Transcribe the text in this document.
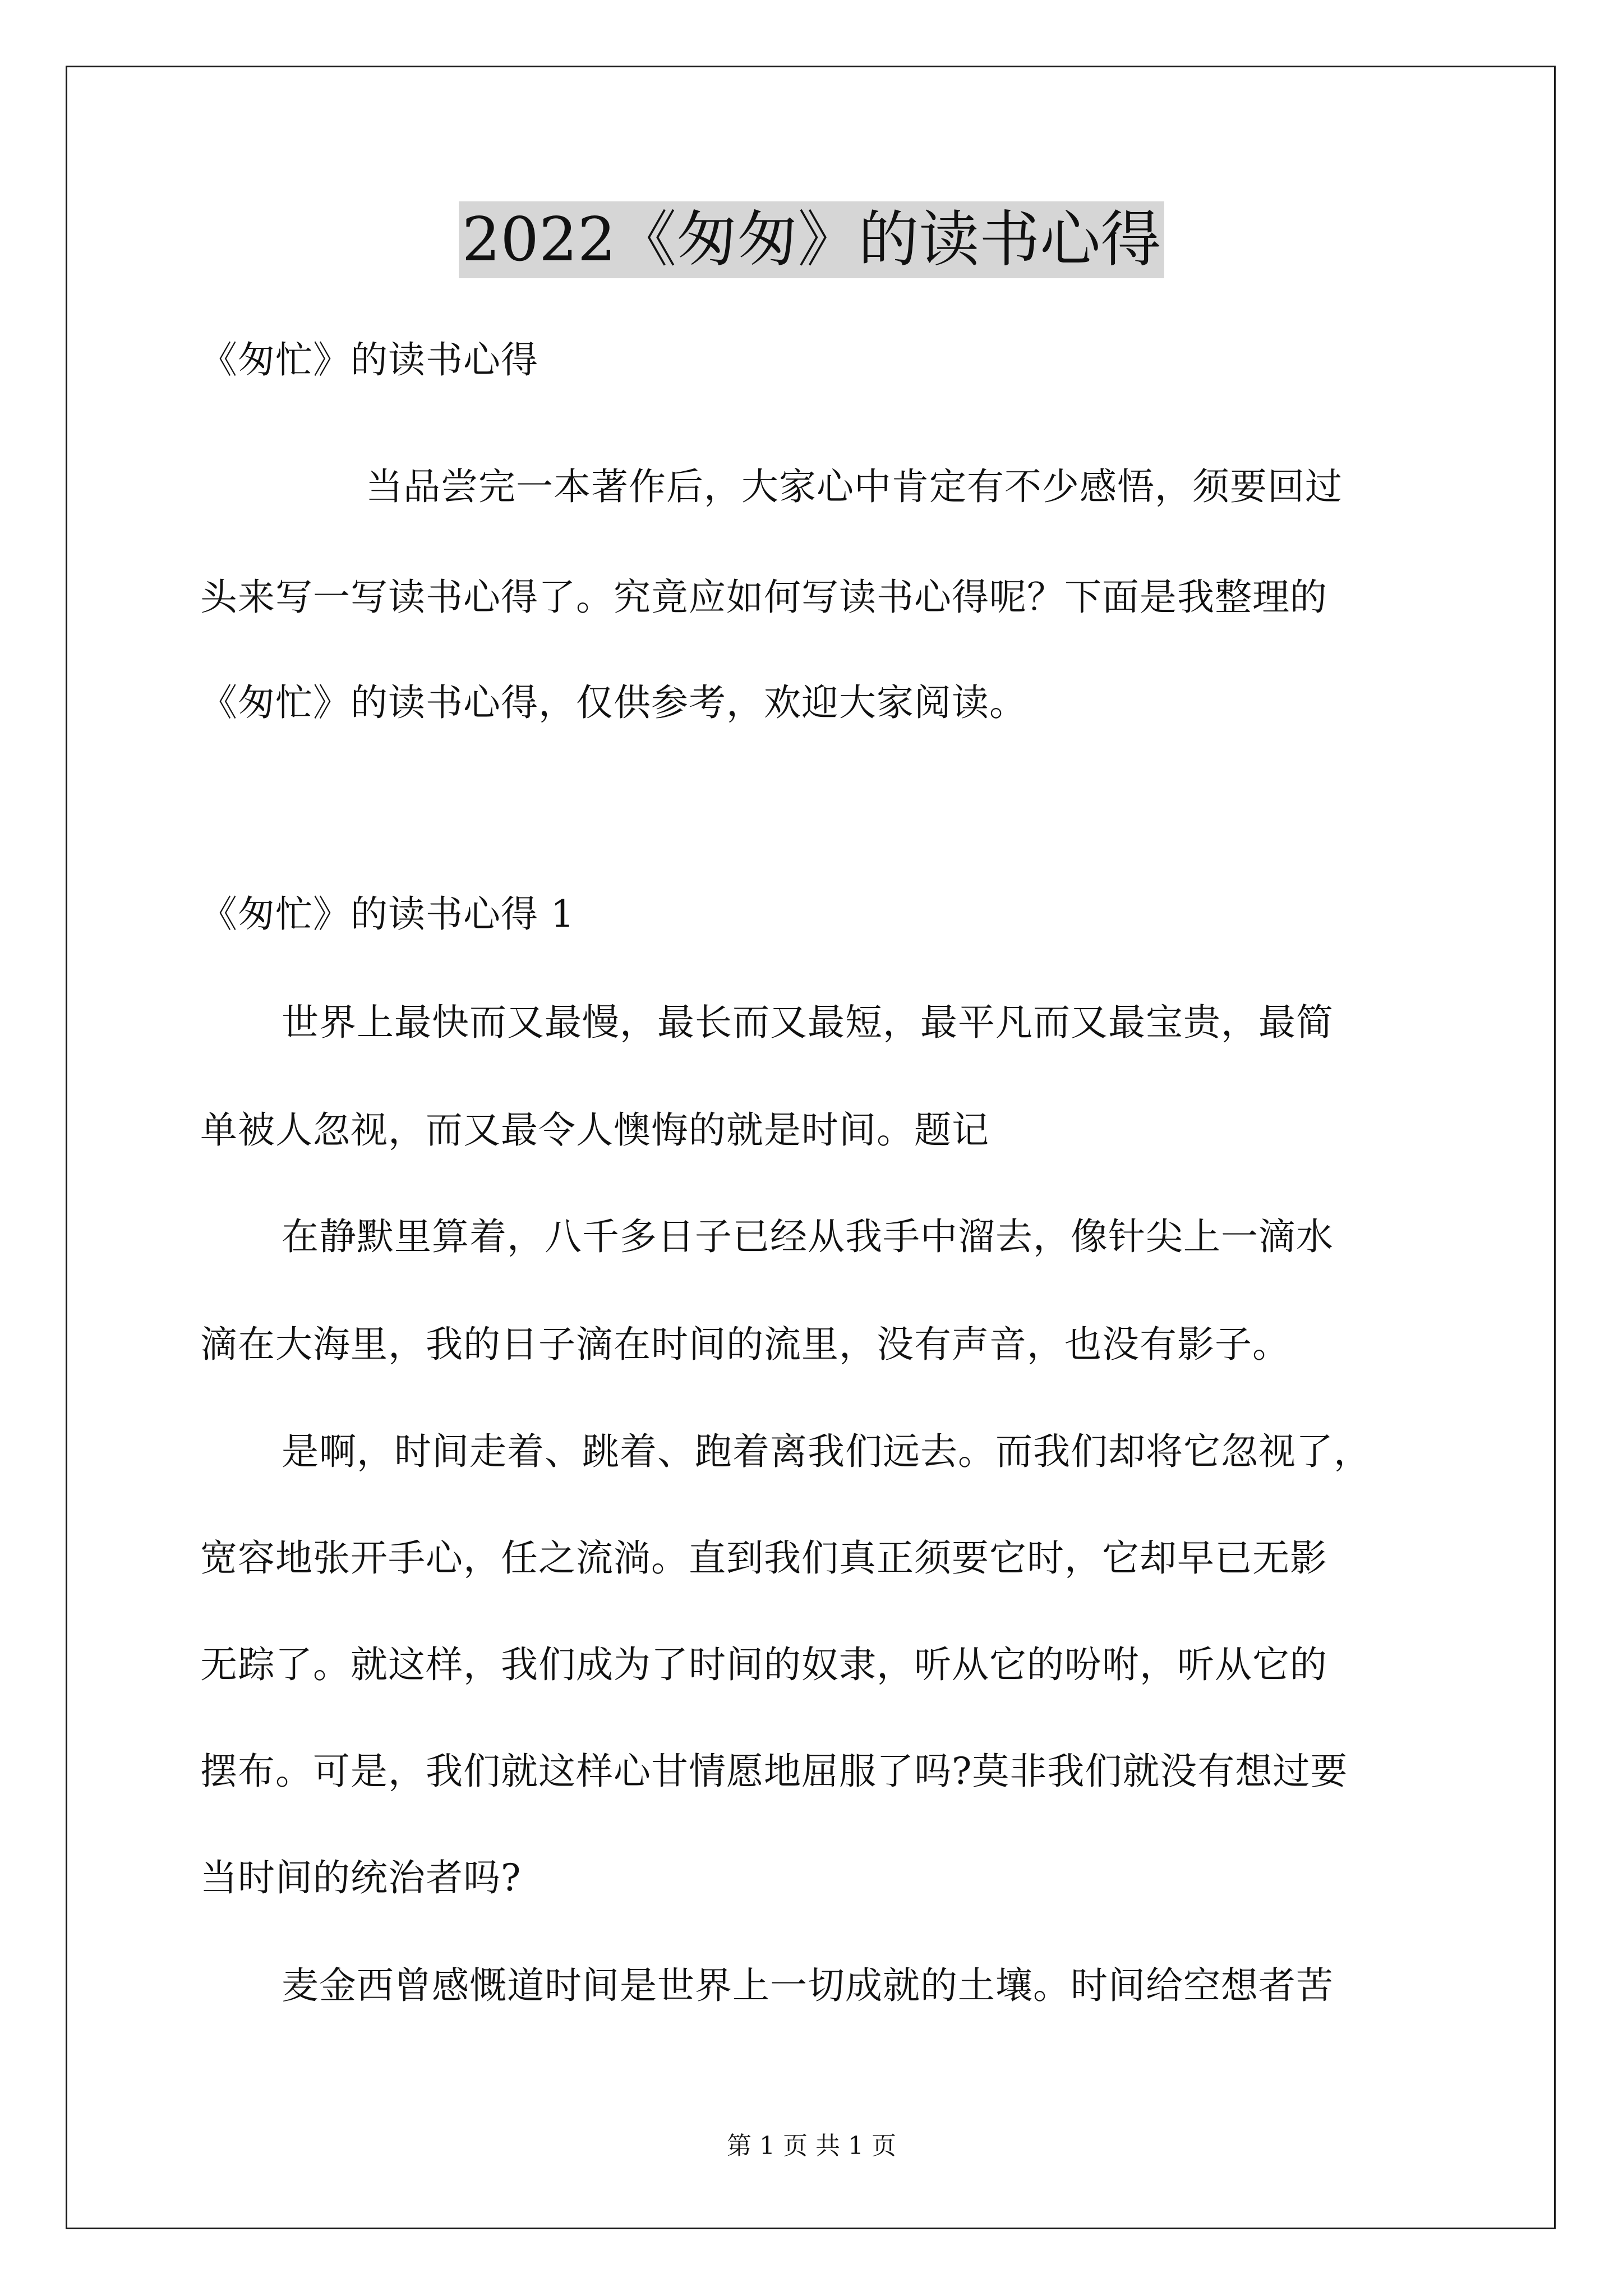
2022《匆匆》的读书心得
《匆忙》的读书心得
当品尝完一本著作后，大家心中肯定有不少感悟，须要回过
头来写一写读书心得了。究竟应如何写读书心得呢？下面是我整理的
《匆忙》的读书心得，仅供参考，欢迎大家阅读。
《匆忙》的读书心得 1
世界上最快而又最慢，最长而又最短，最平凡而又最宝贵，最简
单被人忽视，而又最令人懊悔的就是时间。题记
在静默里算着，八千多日子已经从我手中溜去，像针尖上一滴水
滴在大海里，我的日子滴在时间的流里，没有声音，也没有影子。
是啊，时间走着、跳着、跑着离我们远去。而我们却将它忽视了，
宽容地张开手心，任之流淌。直到我们真正须要它时，它却早已无影
无踪了。就这样，我们成为了时间的奴隶，听从它的吩咐，听从它的
摆布。可是，我们就这样心甘情愿地屈服了吗?莫非我们就没有想过要
当时间的统治者吗?
麦金西曾感慨道时间是世界上一切成就的土壤。时间给空想者苦
第 1 页 共 1 页
